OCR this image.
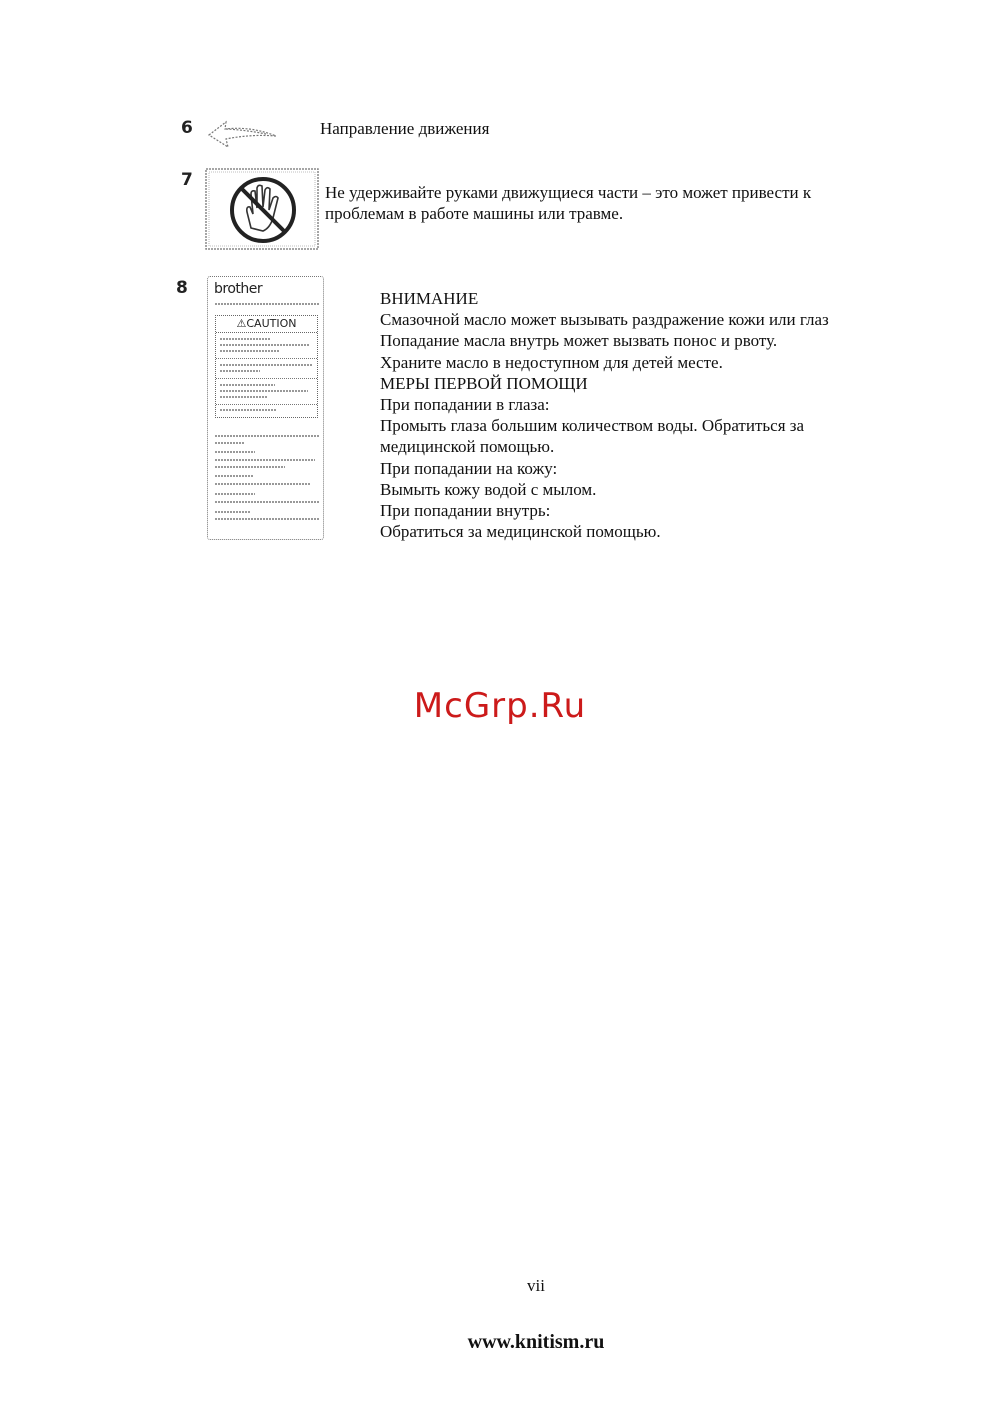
6	Направление движения
7
Не удерживайте руками движущиеся части – это может привести к
проблемам в работе машины или травме.
8 brother
⚠CAUTION
ВНИМАНИЕ
Смазочной масло может вызывать раздражение кожи или глаз
Попадание масла внутрь может вызвать понос и рвоту.
Храните масло в недоступном для детей месте.
МЕРЫ ПЕРВОЙ ПОМОЩИ
При попадании в глаза:
Промыть глаза большим количеством воды. Обратиться за
медицинской помощью.
При попадании на кожу:
Вымыть кожу водой с мылом.
При попадании внутрь:
Обратиться за медицинской помощью.
McGrp.Ru
vii
www.knitism.ru
